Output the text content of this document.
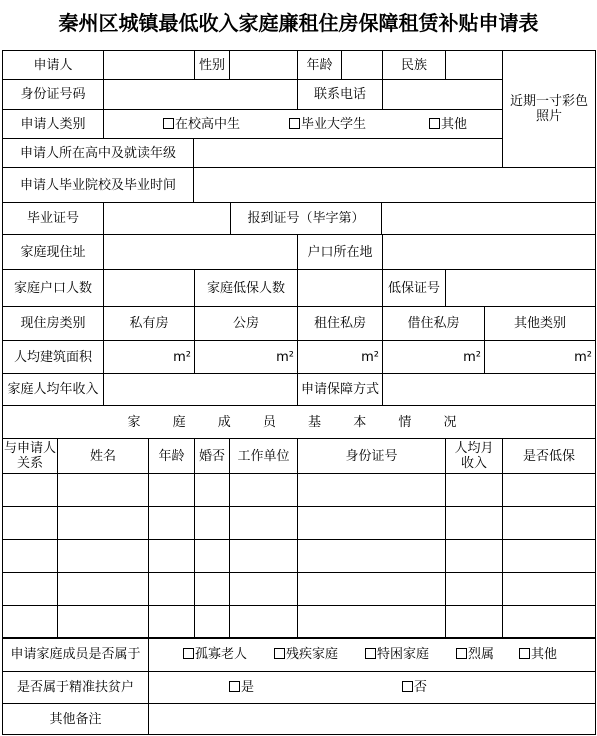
秦州区城镇最低收入家庭廉租住房保障租赁补贴申请表
申请人	性别	年龄	民族
近期一寸彩色照片
身份证号码	联系电话
申请人类别	在校高中生	毕业大学生	其他
申请人所在高中及就读年级
申请人毕业院校及毕业时间
毕业证号	报到证号（毕字第）
家庭现住址	户口所在地
家庭户口人数	家庭低保人数	低保证号
现住房类别	私有房	公房	租住私房	借住私房	其他类别
人均建筑面积	m²	m²	m²	m²	m²
家庭人均年收入	申请保障方式
家 庭 成 员 基 本 情 况
与申请人关系	姓名	年龄	婚否 工作单位	身份证号	人均月收入	是否低保
申请家庭成员是否属于	孤寡老人	残疾家庭	特困家庭	烈属	其他
是否属于精准扶贫户	是	否
其他备注
